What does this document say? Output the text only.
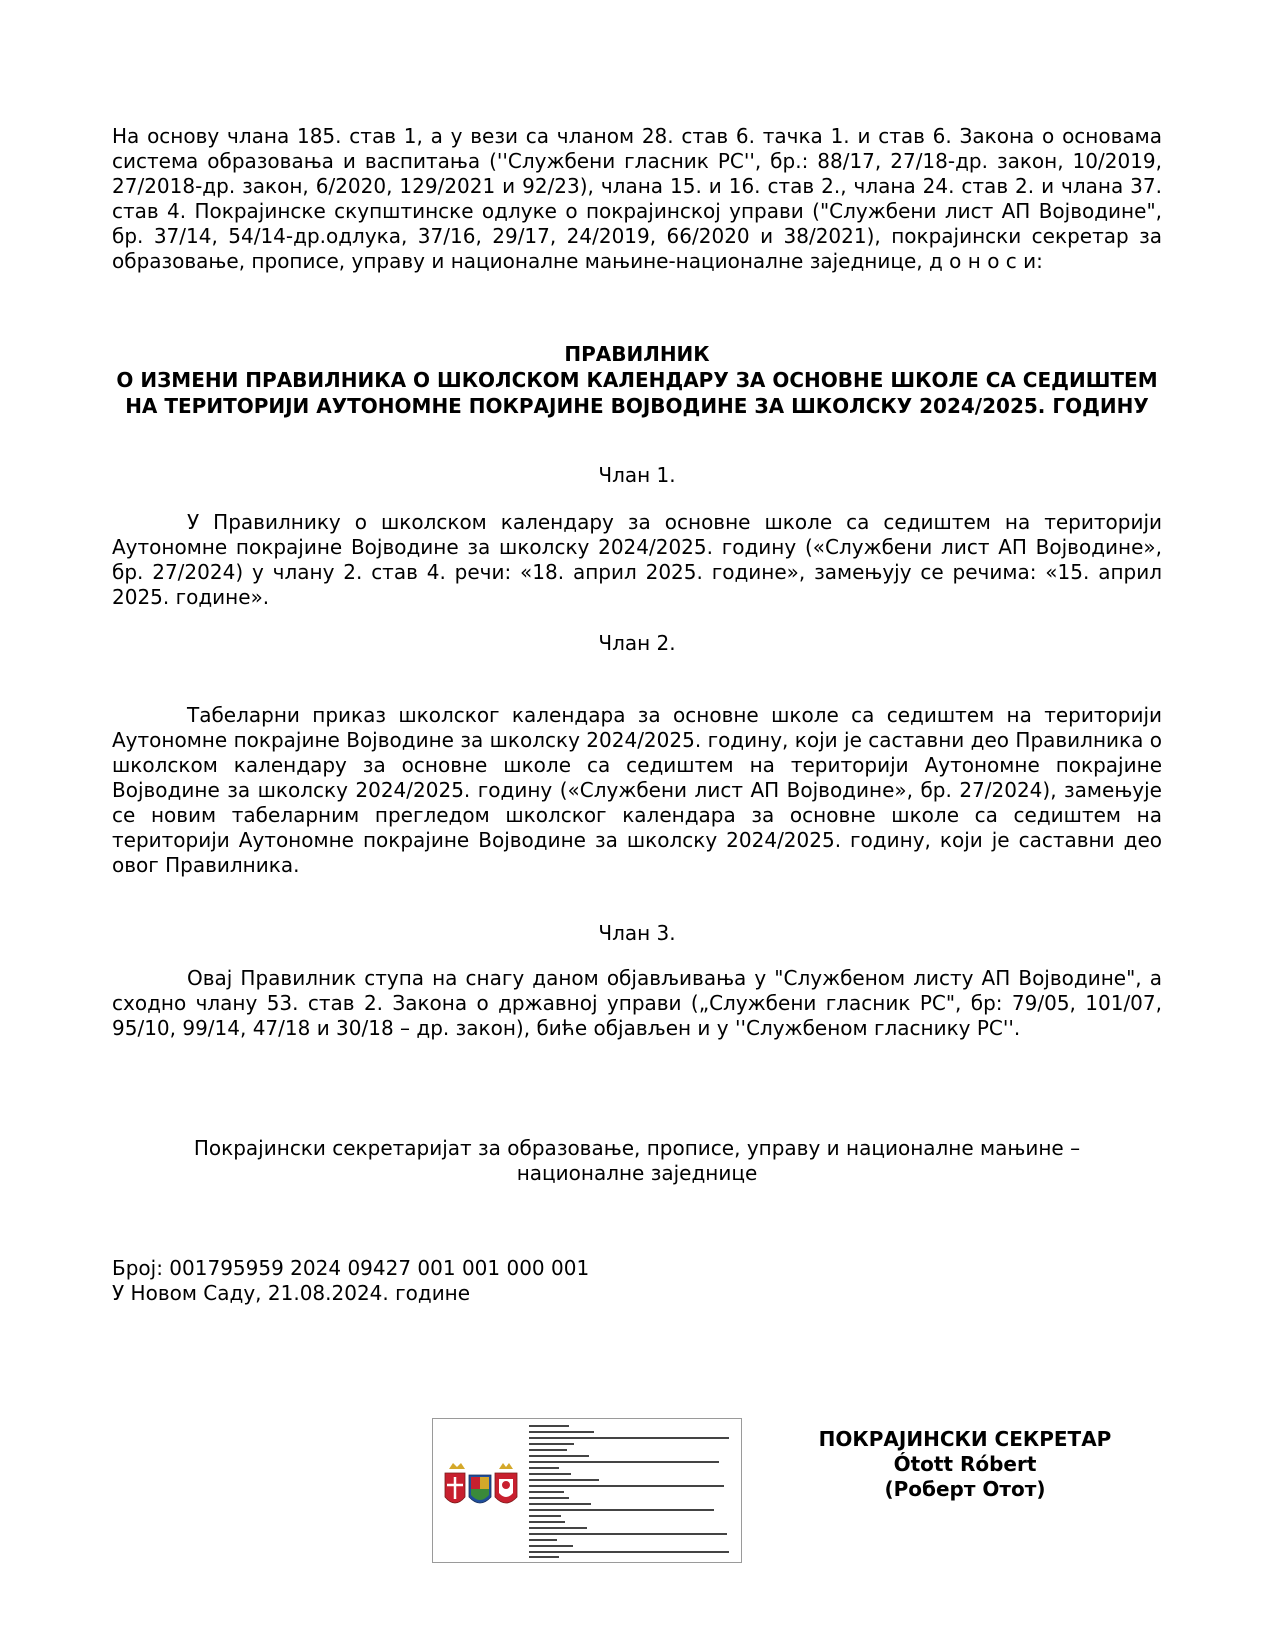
На основу члана 185. став 1, а у вези са чланом 28. став 6. тачка 1. и став 6. Закона о основама система образовања и васпитања (''Службени гласник РС'', бр.: 88/17, 27/18-др. закон, 10/2019, 27/2018-др. закон, 6/2020, 129/2021 и 92/23), члана 15. и 16. став 2., члана 24. став 2. и члана 37. став 4. Покрајинске скупштинске одлуке о покрајинској управи ("Службени лист АП Војводине", бр. 37/14, 54/14-др.одлука, 37/16, 29/17, 24/2019, 66/2020 и 38/2021), покрајински секретар за образовање, прописе, управу и националне мањине-националне заједнице, д о н о с и:

ПРАВИЛНИК
О ИЗМЕНИ ПРАВИЛНИКА О ШКОЛСКОМ КАЛЕНДАРУ ЗА ОСНОВНЕ ШКОЛЕ СА СЕДИШТЕМ
НА ТЕРИТОРИЈИ АУТОНОМНЕ ПОКРАЈИНЕ ВОЈВОДИНЕ ЗА ШКОЛСКУ 2024/2025. ГОДИНУ
Члан 1.

У Правилнику о школском календару за основне школе са седиштем на територији Аутономне покрајине Војводине за школску 2024/2025. годину («Службени лист АП Војводине», бр. 27/2024) у члану 2. став 4. речи: «18. април 2025. године», замењују се речима: «15. април 2025. године».

Члан 2.

Табеларни приказ школског календара за основне школе са седиштем на територији Аутономне покрајине Војводине за школску 2024/2025. годину, који је саставни део Правилника о школском календару за основне школе са седиштем на територији Аутономне покрајине Војводине за школску 2024/2025. годину («Службени лист АП Војводине», бр. 27/2024), замењује се новим табеларним прегледом школског календара за основне школе са седиштем на територији Аутономне покрајине Војводине за школску 2024/2025. годину, који је саставни део овог Правилника.

Члан 3.

Овај Правилник ступа на снагу даном објављивања у "Службеном листу АП Војводине", а сходно члану 53. став 2. Закона о државној управи („Службени гласник РС", бр: 79/05, 101/07, 95/10, 99/14, 47/18 и 30/18 – др. закон), биће објављен и у ''Службеном гласнику РС''.

Покрајински секретаријат за образовање, прописе, управу и националне мањине –
националне заједнице
Број: 001795959 2024 09427 001 001 000 001
У Новом Саду, 21.08.2024. године
ПОКРАЈИНСКИ СЕКРЕТАР
Ótott Róbert
(Роберт Отот)
